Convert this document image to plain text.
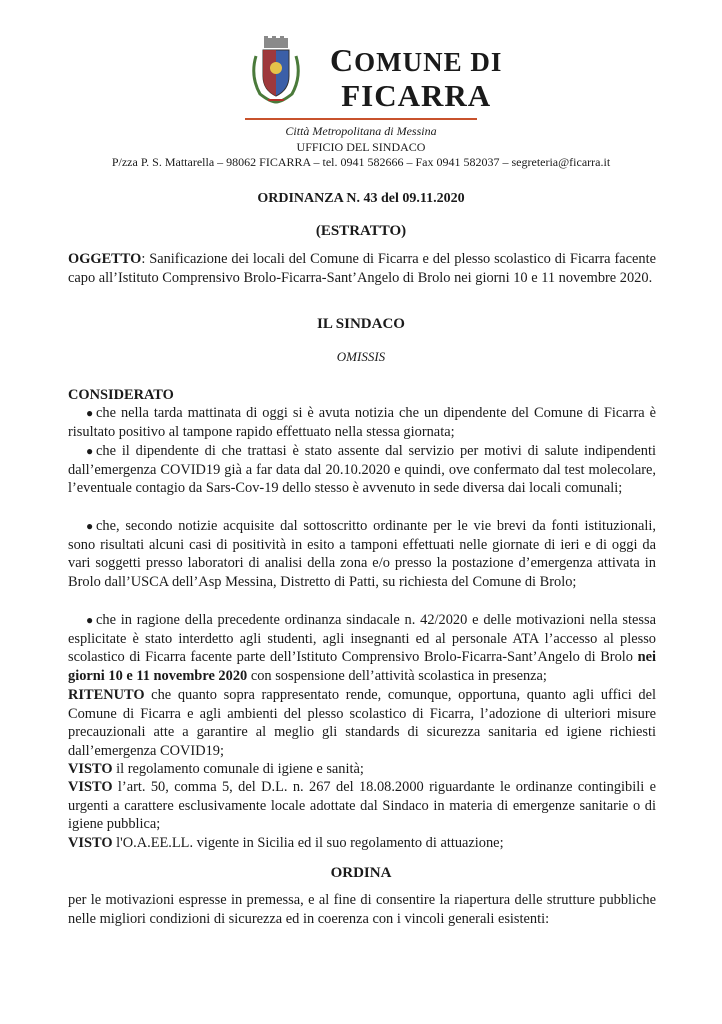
COMUNE DI
FICARRA
Città Metropolitana di Messina
UFFICIO DEL SINDACO
P/zza P. S. Mattarella – 98062 FICARRA – tel. 0941 582666 – Fax 0941 582037 – segreteria@ficarra.it
ORDINANZA N. 43 del 09.11.2020
(ESTRATTO)

OGGETTO: Sanificazione dei locali del Comune di Ficarra e del plesso scolastico di Ficarra facente capo all’Istituto Comprensivo Brolo-Ficarra-Sant’Angelo di Brolo nei giorni 10 e 11 novembre 2020.

IL SINDACO
OMISSIS

CONSIDERATO

● che nella tarda mattinata di oggi si è avuta notizia che un dipendente del Comune di Ficarra è risultato positivo al tampone rapido effettuato nella stessa giornata;

● che il dipendente di che trattasi è stato assente dal servizio per motivi di salute indipendenti dall’emergenza COVID19 già a far data dal 20.10.2020 e quindi, ove confermato dal test molecolare, l’eventuale contagio da Sars-Cov-19 dello stesso è avvenuto in sede diversa dai locali comunali;

● che, secondo notizie acquisite dal sottoscritto ordinante per le vie brevi da fonti istituzionali, sono risultati alcuni casi di positività in esito a tamponi effettuati nelle giornate di ieri e di oggi da vari soggetti presso laboratori di analisi della zona e/o presso la postazione d’emergenza attivata in Brolo dall’USCA dell’Asp Messina, Distretto di Patti, su richiesta del Comune di Brolo;

● che in ragione della precedente ordinanza sindacale n. 42/2020 e delle motivazioni nella stessa esplicitate è stato interdetto agli studenti, agli insegnanti ed al personale ATA l’accesso al plesso scolastico di Ficarra facente parte dell’Istituto Comprensivo Brolo-Ficarra-Sant’Angelo di Brolo nei giorni 10 e 11 novembre 2020 con sospensione dell’attività scolastica in presenza;

RITENUTO che quanto sopra rappresentato rende, comunque, opportuna, quanto agli uffici del Comune di Ficarra e agli ambienti del plesso scolastico di Ficarra, l’adozione di ulteriori misure precauzionali atte a garantire al meglio gli standards di sicurezza sanitaria ed igiene richiesti dall’emergenza COVID19;

VISTO il regolamento comunale di igiene e sanità;

VISTO l’art. 50, comma 5, del D.L. n. 267 del 18.08.2000 riguardante le ordinanze contingibili e urgenti a carattere esclusivamente locale adottate dal Sindaco in materia di emergenze sanitarie o di igiene pubblica;

VISTO l'O.A.EE.LL. vigente in Sicilia ed il suo regolamento di attuazione;

ORDINA

per le motivazioni espresse in premessa, e al fine di consentire la riapertura delle strutture pubbliche nelle migliori condizioni di sicurezza ed in coerenza con i vincoli generali esistenti:
